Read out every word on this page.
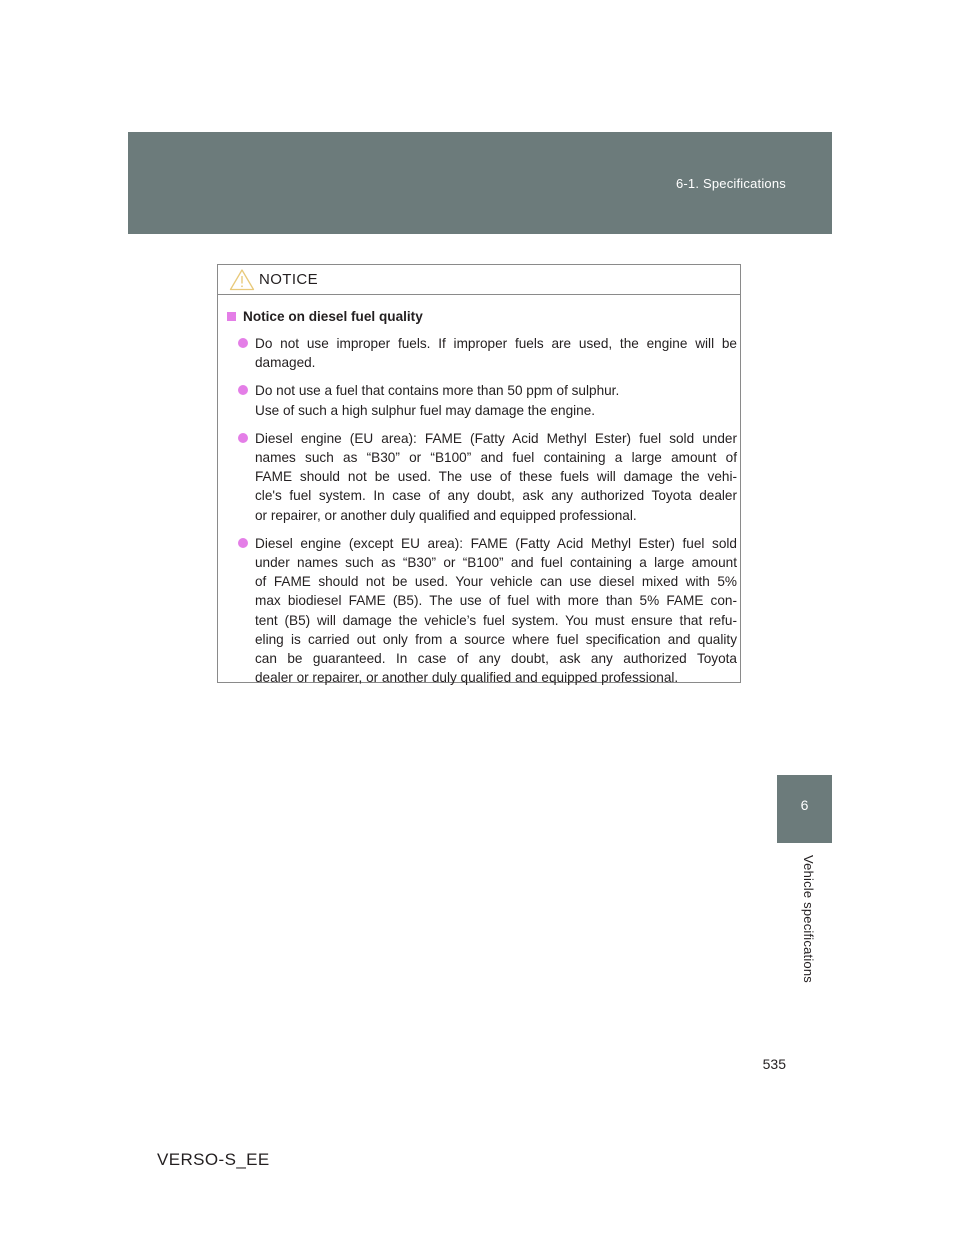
6-1. Specifications
NOTICE
Notice on diesel fuel quality
Do not use improper fuels. If improper fuels are used, the engine will be
damaged.
Do not use a fuel that contains more than 50 ppm of sulphur.
Use of such a high sulphur fuel may damage the engine.
Diesel engine (EU area): FAME (Fatty Acid Methyl Ester) fuel sold under
names such as “B30” or “B100” and fuel containing a large amount of
FAME should not be used. The use of these fuels will damage the vehi-
cle's fuel system. In case of any doubt, ask any authorized Toyota dealer
or repairer, or another duly qualified and equipped professional.
Diesel engine (except EU area): FAME (Fatty Acid Methyl Ester) fuel sold
under names such as “B30” or “B100” and fuel containing a large amount
of FAME should not be used. Your vehicle can use diesel mixed with 5%
max biodiesel FAME (B5). The use of fuel with more than 5% FAME con-
tent (B5) will damage the vehicle’s fuel system. You must ensure that refu-
eling is carried out only from a source where fuel specification and quality
can be guaranteed. In case of any doubt, ask any authorized Toyota
dealer or repairer, or another duly qualified and equipped professional.
6
Vehicle specifications
535
VERSO-S_EE
